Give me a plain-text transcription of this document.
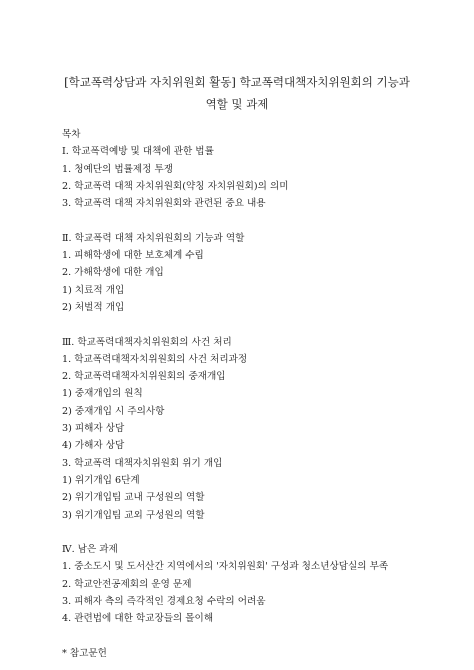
[학교폭력상담과 자치위원회 활동] 학교폭력대책자치위원회의 기능과
역할 및 과제
목차
Ⅰ. 학교폭력예방 및 대책에 관한 법률
1. 청예단의 법률제정 투쟁
2. 학교폭력 대책 자치위원회(약칭 자치위원회)의 의미
3. 학교폭력 대책 자치위원회와 관련된 중요 내용
Ⅱ. 학교폭력 대책 자치위원회의 기능과 역할
1. 피해학생에 대한 보호체계 수립
2. 가해학생에 대한 개입
1) 치료적 개입
2) 처벌적 개입
Ⅲ. 학교폭력대책자치위원회의 사건 처리
1. 학교폭력대책자치위원회의 사건 처리과정
2. 학교폭력대책자치위원회의 중재개입
1) 중재개입의 원칙
2) 중재개입 시 주의사항
3) 피해자 상담
4) 가해자 상담
3. 학교폭력 대책자치위원회 위기 개입
1) 위기개입 6단계
2) 위기개입팀 교내 구성원의 역할
3) 위기개입팀 교외 구성원의 역할
Ⅳ. 남은 과제
1. 중소도시 및 도서산간 지역에서의 '자치위원회' 구성과 청소년상담실의 부족
2. 학교안전공제회의 운영 문제
3. 피해자 측의 즉각적인 경제요청 수락의 어려움
4. 관련법에 대한 학교장들의 몰이해
* 참고문헌
